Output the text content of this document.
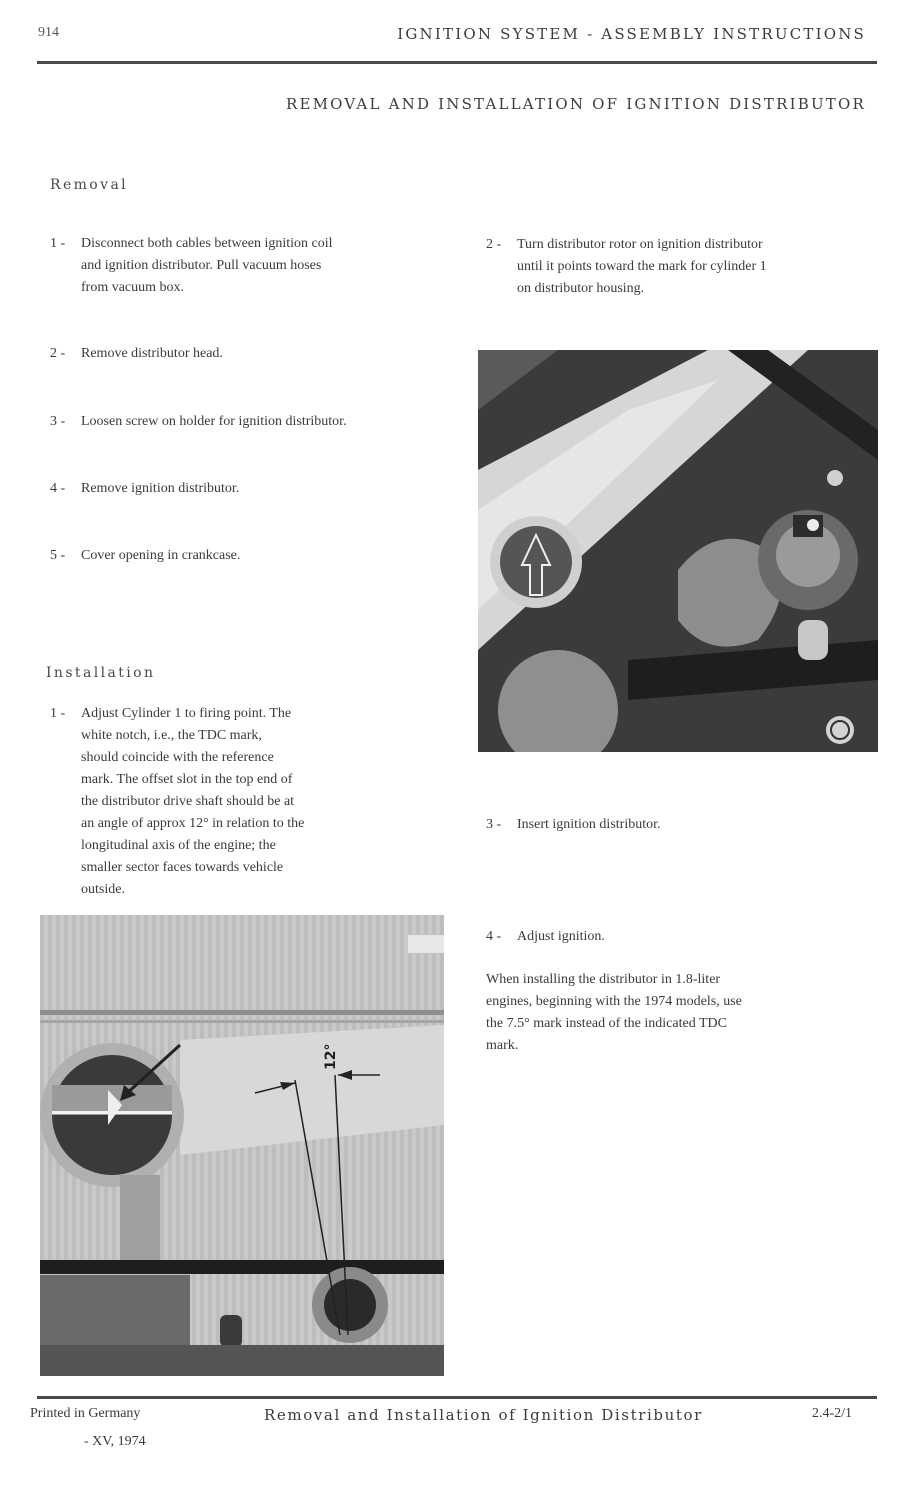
914	IGNITION SYSTEM - ASSEMBLY INSTRUCTIONS
REMOVAL AND INSTALLATION OF IGNITION DISTRIBUTOR
Removal
1 - Disconnect both cables between ignition coil
and ignition distributor. Pull vacuum hoses
from vacuum box.
2 - Remove distributor head.
3 - Loosen screw on holder for ignition distributor.
4 - Remove ignition distributor.
5 - Cover opening in crankcase.
Installation
1 - Adjust Cylinder 1 to firing point. The
white notch, i.e., the TDC mark,
should coincide with the reference
mark. The offset slot in the top end of
the distributor drive shaft should be at
an angle of approx 12° in relation to the
longitudinal axis of the engine; the
smaller sector faces towards vehicle
outside.
12°
2 - Turn distributor rotor on ignition distributor
until it points toward the mark for cylinder 1
on distributor housing.
3 - Insert ignition distributor.
4 - Adjust ignition.
When installing the distributor in 1.8-liter
engines, beginning with the 1974 models, use
the 7.5° mark instead of the indicated TDC
mark.
Printed in Germany
- XV, 1974
Removal and Installation of Ignition Distributor	2.4-2/1
